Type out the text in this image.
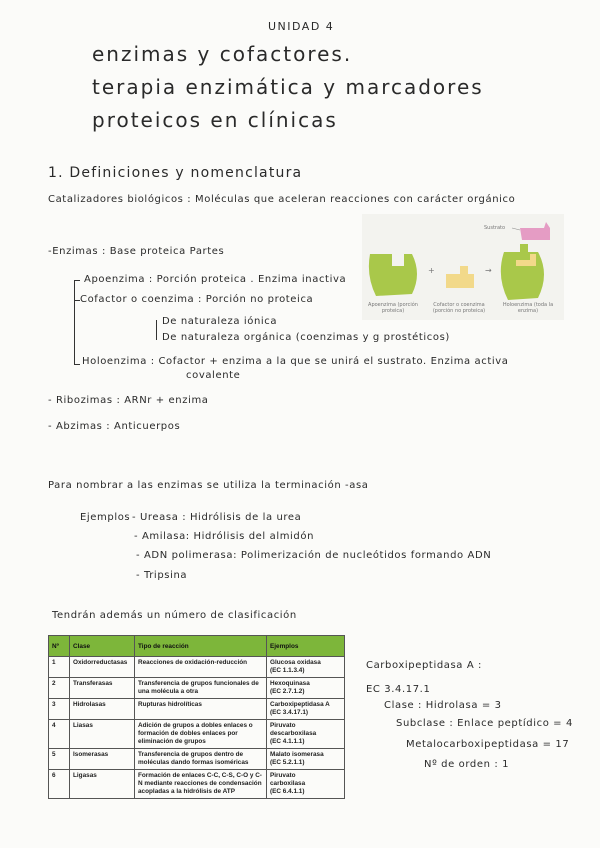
UNIDAD 4
enzimas y cofactores.
terapia enzimática y marcadores
proteicos en clínicas
1. Definiciones y nomenclatura
Catalizadores biológicos : Moléculas que aceleran reacciones con carácter orgánico
-Enzimas : Base proteica Partes
Apoenzima : Porción proteica . Enzima inactiva
Cofactor o coenzima : Porción no proteica
De naturaleza iónica
De naturaleza orgánica (coenzimas y g prostéticos)
Holoenzima : Cofactor + enzima a la que se unirá el sustrato. Enzima activa
covalente
- Ribozimas : ARNr + enzima
- Abzimas : Anticuerpos
Sustrato
+	→
Apoenzima (porción proteica)
Cofactor o coenzima (porción no proteica)
Holoenzima (toda la enzima)
Para nombrar a las enzimas se utiliza la terminación -asa
Ejemplos - Ureasa : Hidrólisis de la urea
- Amilasa: Hidrólisis del almidón
- ADN polimerasa: Polimerización de nucleótidos formando ADN
- Tripsina
Tendrán además un número de clasificación
Nº	Clase	Tipo de reacción	Ejemplos
1	Oxidorreductasas	Reacciones de oxidación-reducción	Glucosa oxidasa
(EC 1.1.3.4)
2	Transferasas	Transferencia de grupos funcionales de una molécula a otra	Hexoquinasa
(EC 2.7.1.2)
3	Hidrolasas	Rupturas hidrolíticas	Carboxipeptidasa A
(EC 3.4.17.1)
4	Liasas	Adición de grupos a dobles enlaces o formación de dobles enlaces por eliminación de grupos	Piruvato
descarboxilasa
(EC 4.1.1.1)
5	Isomerasas	Transferencia de grupos dentro de moléculas dando formas isoméricas	Malato isomerasa
(EC 5.2.1.1)
6	Ligasas	Formación de enlaces C-C, C-S, C-O y C-N mediante reacciones de condensación acopladas a la hidrólisis de ATP	Piruvato
carboxilasa
(EC 6.4.1.1)
Carboxipeptidasa A :
EC 3.4.17.1
Clase : Hidrolasa = 3
Subclase : Enlace peptídico = 4
Metalocarboxipeptidasa = 17
Nº de orden : 1
